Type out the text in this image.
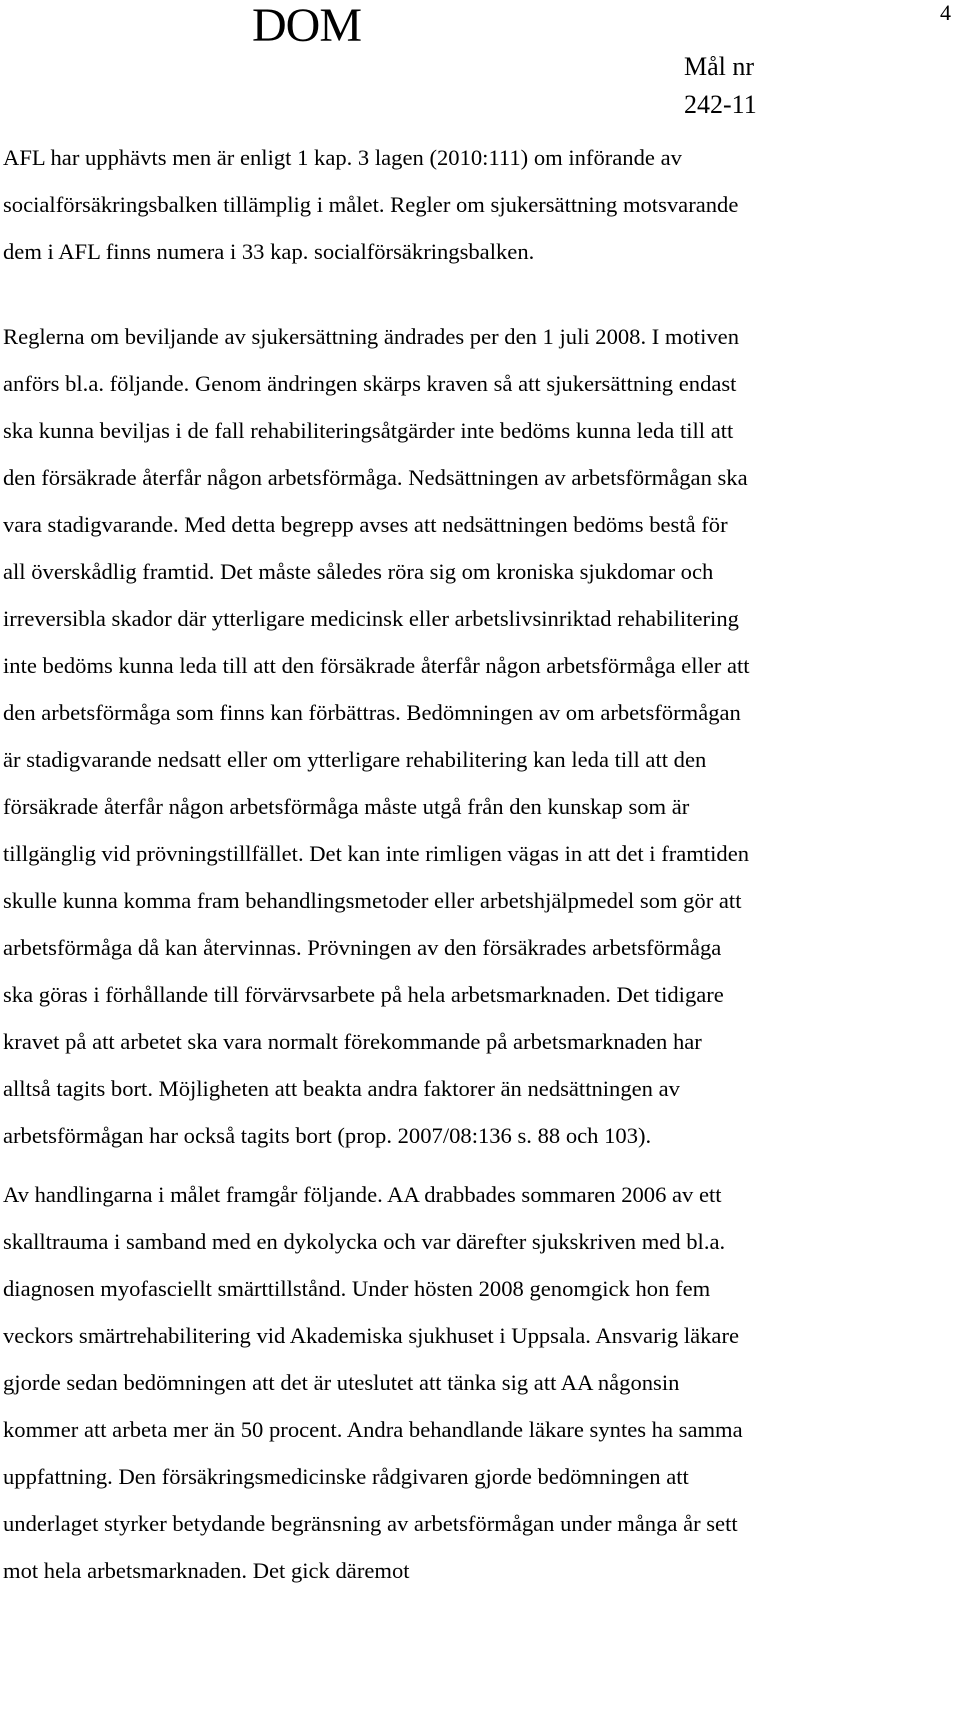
DOM	4
Mål nr
242-11

AFL har upphävts men är enligt 1 kap. 3 lagen (2010:111) om införande av
socialförsäkringsbalken tillämplig i målet. Regler om sjukersättning motsvarande
dem i AFL finns numera i 33 kap. socialförsäkringsbalken.

Reglerna om beviljande av sjukersättning ändrades per den 1 juli 2008. I motiven
anförs bl.a. följande. Genom ändringen skärps kraven så att sjukersättning endast
ska kunna beviljas i de fall rehabiliteringsåtgärder inte bedöms kunna leda till att
den försäkrade återfår någon arbetsförmåga. Nedsättningen av arbetsförmågan ska
vara stadigvarande. Med detta begrepp avses att nedsättningen bedöms bestå för
all överskådlig framtid. Det måste således röra sig om kroniska sjukdomar och
irreversibla skador där ytterligare medicinsk eller arbetslivsinriktad rehabilitering
inte bedöms kunna leda till att den försäkrade återfår någon arbetsförmåga eller att
den arbetsförmåga som finns kan förbättras. Bedömningen av om arbetsförmågan
är stadigvarande nedsatt eller om ytterligare rehabilitering kan leda till att den
försäkrade återfår någon arbetsförmåga måste utgå från den kunskap som är
tillgänglig vid prövningstillfället. Det kan inte rimligen vägas in att det i framtiden
skulle kunna komma fram behandlingsmetoder eller arbetshjälpmedel som gör att
arbetsförmåga då kan återvinnas. Prövningen av den försäkrades arbetsförmåga
ska göras i förhållande till förvärvsarbete på hela arbetsmarknaden. Det tidigare
kravet på att arbetet ska vara normalt förekommande på arbetsmarknaden har
alltså tagits bort. Möjligheten att beakta andra faktorer än nedsättningen av
arbetsförmågan har också tagits bort (prop. 2007/08:136 s. 88 och 103).

Av handlingarna i målet framgår följande. AA drabbades sommaren 2006 av ett
skalltrauma i samband med en dykolycka och var därefter sjukskriven med bl.a.
diagnosen myofasciellt smärttillstånd. Under hösten 2008 genomgick hon fem
veckors smärtrehabilitering vid Akademiska sjukhuset i Uppsala. Ansvarig läkare
gjorde sedan bedömningen att det är uteslutet att tänka sig att AA någonsin
kommer att arbeta mer än 50 procent. Andra behandlande läkare syntes ha samma
uppfattning. Den försäkringsmedicinske rådgivaren gjorde bedömningen att
underlaget styrker betydande begränsning av arbetsförmågan under många år sett
mot hela arbetsmarknaden. Det gick däremot
